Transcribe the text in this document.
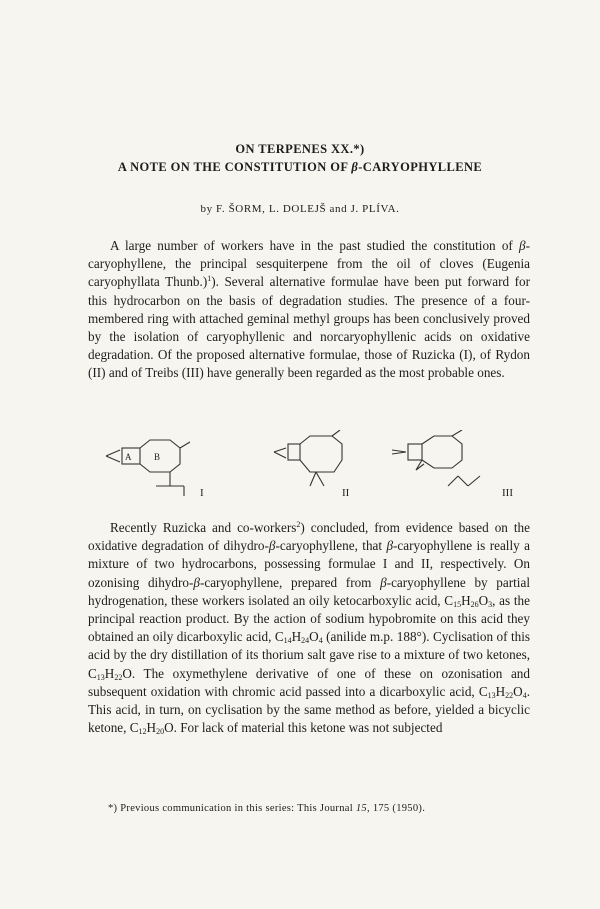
ON TERPENES XX.*)
A NOTE ON THE CONSTITUTION OF β-CARYOPHYLLENE
by F. ŠORM, L. DOLEJŠ and J. PLÍVA.

A large number of workers have in the past studied the constitution of β-caryophyllene, the principal sesquiterpene from the oil of cloves (Eugenia caryophyllata Thunb.)$^1$). Several alternative formulae have been put forward for this hydrocarbon on the basis of degradation studies. The presence of a four-membered ring with attached geminal methyl groups has been conclusively proved by the isolation of caryophyllenic and norcaryophyllenic acids on oxidative degradation. Of the proposed alternative formulae, those of Ruzicka (I), of Rydon (II) and of Treibs (III) have generally been regarded as the most probable ones.

A	B
I	II	III

Recently Ruzicka and co-workers$^2$) concluded, from evidence based on the oxidative degradation of dihydro-β-caryophyllene, that β-caryophyllene is really a mixture of two hydrocarbons, possessing formulae I and II, respectively. On ozonising dihydro-β-caryophyllene, prepared from β-caryophyllene by partial hydrogenation, these workers isolated an oily ketocarboxylic acid, $C_{15}H_{26}O_3$, as the principal reaction product. By the action of sodium hypobromite on this acid they obtained an oily dicarboxylic acid, $C_{14}H_{24}O_4$ (anilide m.p. 188°). Cyclisation of this acid by the dry distillation of its thorium salt gave rise to a mixture of two ketones, $C_{13}H_{22}O$. The oxymethylene derivative of one of these on ozonisation and subsequent oxidation with chromic acid passed into a dicarboxylic acid, $C_{13}H_{22}O_4$. This acid, in turn, on cyclisation by the same method as before, yielded a bicyclic ketone, $C_{12}H_{20}O$. For lack of material this ketone was not subjected

*) Previous communication in this series: This Journal 15, 175 (1950).
